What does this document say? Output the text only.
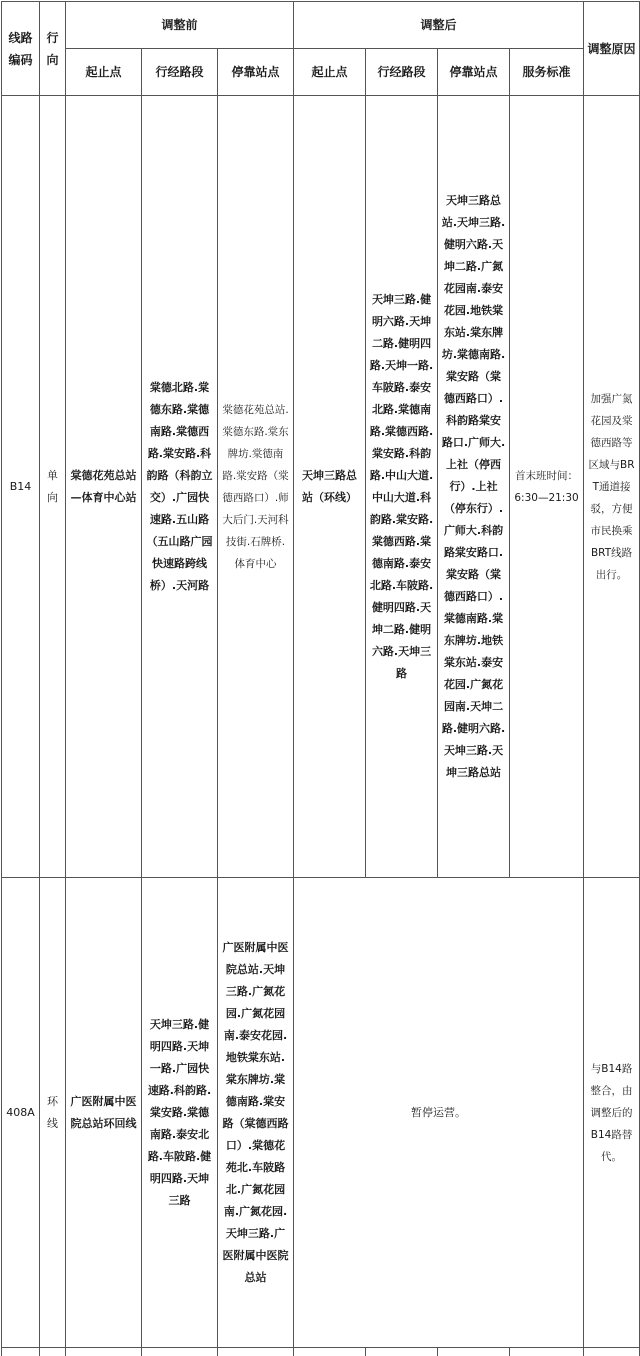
线路编码	行向	调整前			调整后				调整原因
		起止点	行经路段	停靠站点	起止点	行经路段	停靠站点	服务标准	
B14	单向	棠德花苑总站—体育中心站	棠德北路.棠德东路.棠德南路.棠德西路.棠安路.科韵路（科韵立交）.广园快速路.五山路（五山路广园快速路跨线桥）.天河路	棠德花苑总站.棠德东路.棠东牌坊.棠德南路.棠安路（棠德西路口）.师大后门.天河科技街.石牌桥.体育中心	天坤三路总站（环线）	天坤三路.健明六路.天坤二路.健明四路.天坤一路.车陂路.泰安北路.棠德南路.棠德西路.棠安路.科韵路.中山大道.中山大道.科韵路.棠安路.棠德西路.棠德南路.泰安北路.车陂路.健明四路.天坤二路.健明六路.天坤三路	天坤三路总站.天坤三路.健明六路.天坤二路.广氮花园南.泰安花园.地铁棠东站.棠东牌坊.棠德南路.棠安路（棠德西路口）.科韵路棠安路口.广师大.上社（停西行）.上社（停东行）.广师大.科韵路棠安路口.棠安路（棠德西路口）.棠德南路.棠东牌坊.地铁棠东站.泰安花园.广氮花园南.天坤二路.健明六路.天坤三路.天坤三路总站	首末班时间：6:30—21:30	加强广氮花园及棠德西路等区域与BRT通道接驳，方便市民换乘BRT线路出行。
408A	环线	广医附属中医院总站环回线	天坤三路.健明四路.天坤一路.广园快速路.科韵路.棠安路.棠德南路.泰安北路.车陂路.健明四路.天坤三路	广医附属中医院总站.天坤三路.广氮花园.广氮花园南.泰安花园.地铁棠东站.棠东牌坊.棠德南路.棠安路（棠德西路口）.棠德花苑北.车陂路北.广氮花园南.广氮花园.天坤三路.广医附属中医院总站	暂停运营。				与B14路整合，由调整后的B14路替代。
